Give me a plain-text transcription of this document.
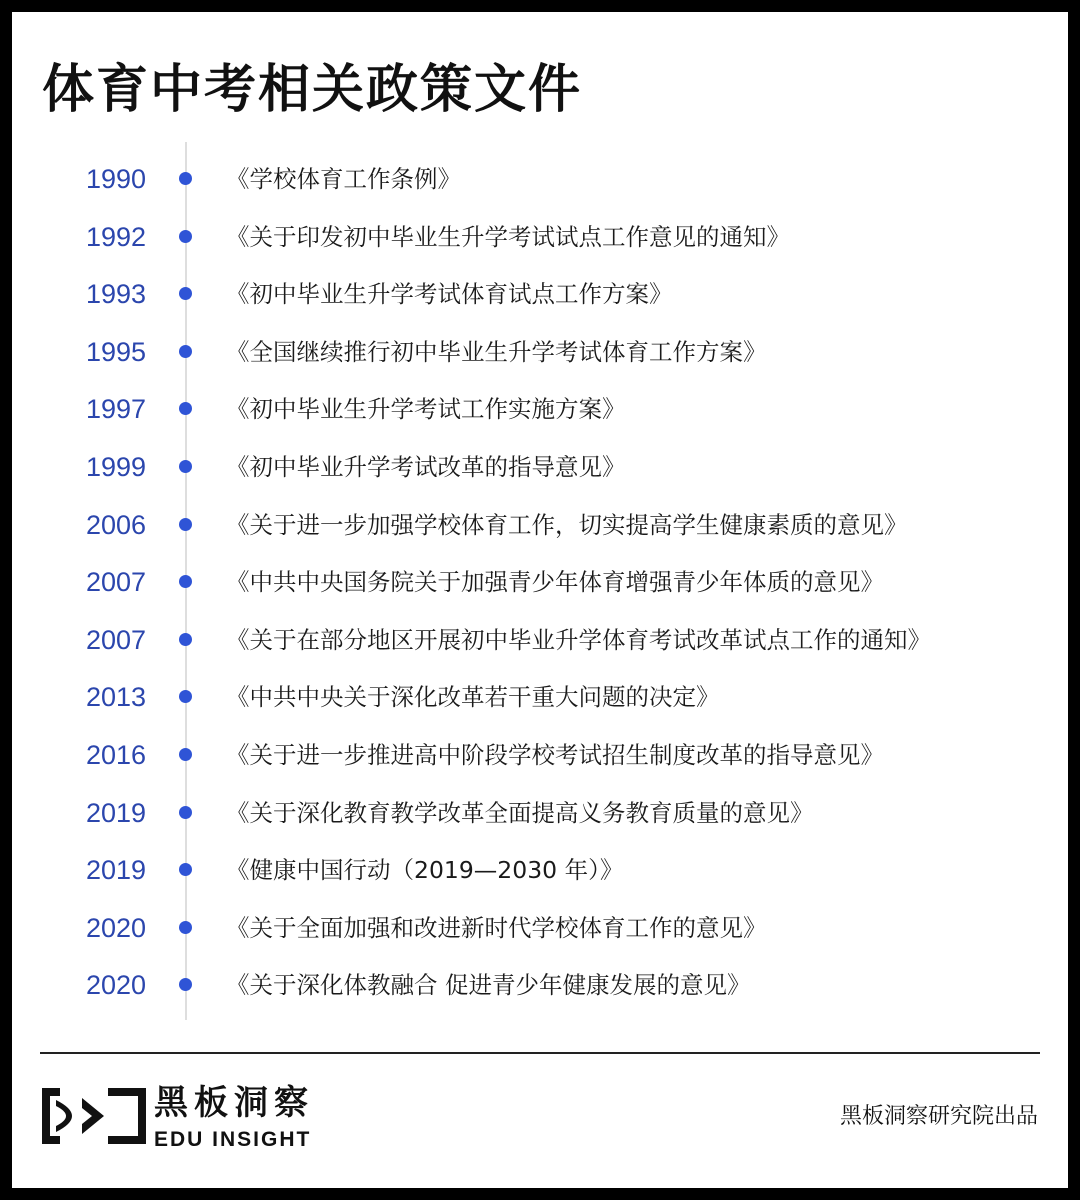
体育中考相关政策文件
1990	《学校体育工作条例》
1992	《关于印发初中毕业生升学考试试点工作意见的通知》
1993	《初中毕业生升学考试体育试点工作方案》
1995	《全国继续推行初中毕业生升学考试体育工作方案》
1997	《初中毕业生升学考试工作实施方案》
1999	《初中毕业升学考试改革的指导意见》
2006	《关于进一步加强学校体育工作，切实提高学生健康素质的意见》
2007	《中共中央国务院关于加强青少年体育增强青少年体质的意见》
2007	《关于在部分地区开展初中毕业升学体育考试改革试点工作的通知》
2013	《中共中央关于深化改革若干重大问题的决定》
2016	《关于进一步推进高中阶段学校考试招生制度改革的指导意见》
2019	《关于深化教育教学改革全面提高义务教育质量的意见》
2019	《健康中国行动（2019—2030 年）》
2020	《关于全面加强和改进新时代学校体育工作的意见》
2020	《关于深化体教融合 促进青少年健康发展的意见》
黑板洞察
EDU INSIGHT
黑板洞察研究院出品
